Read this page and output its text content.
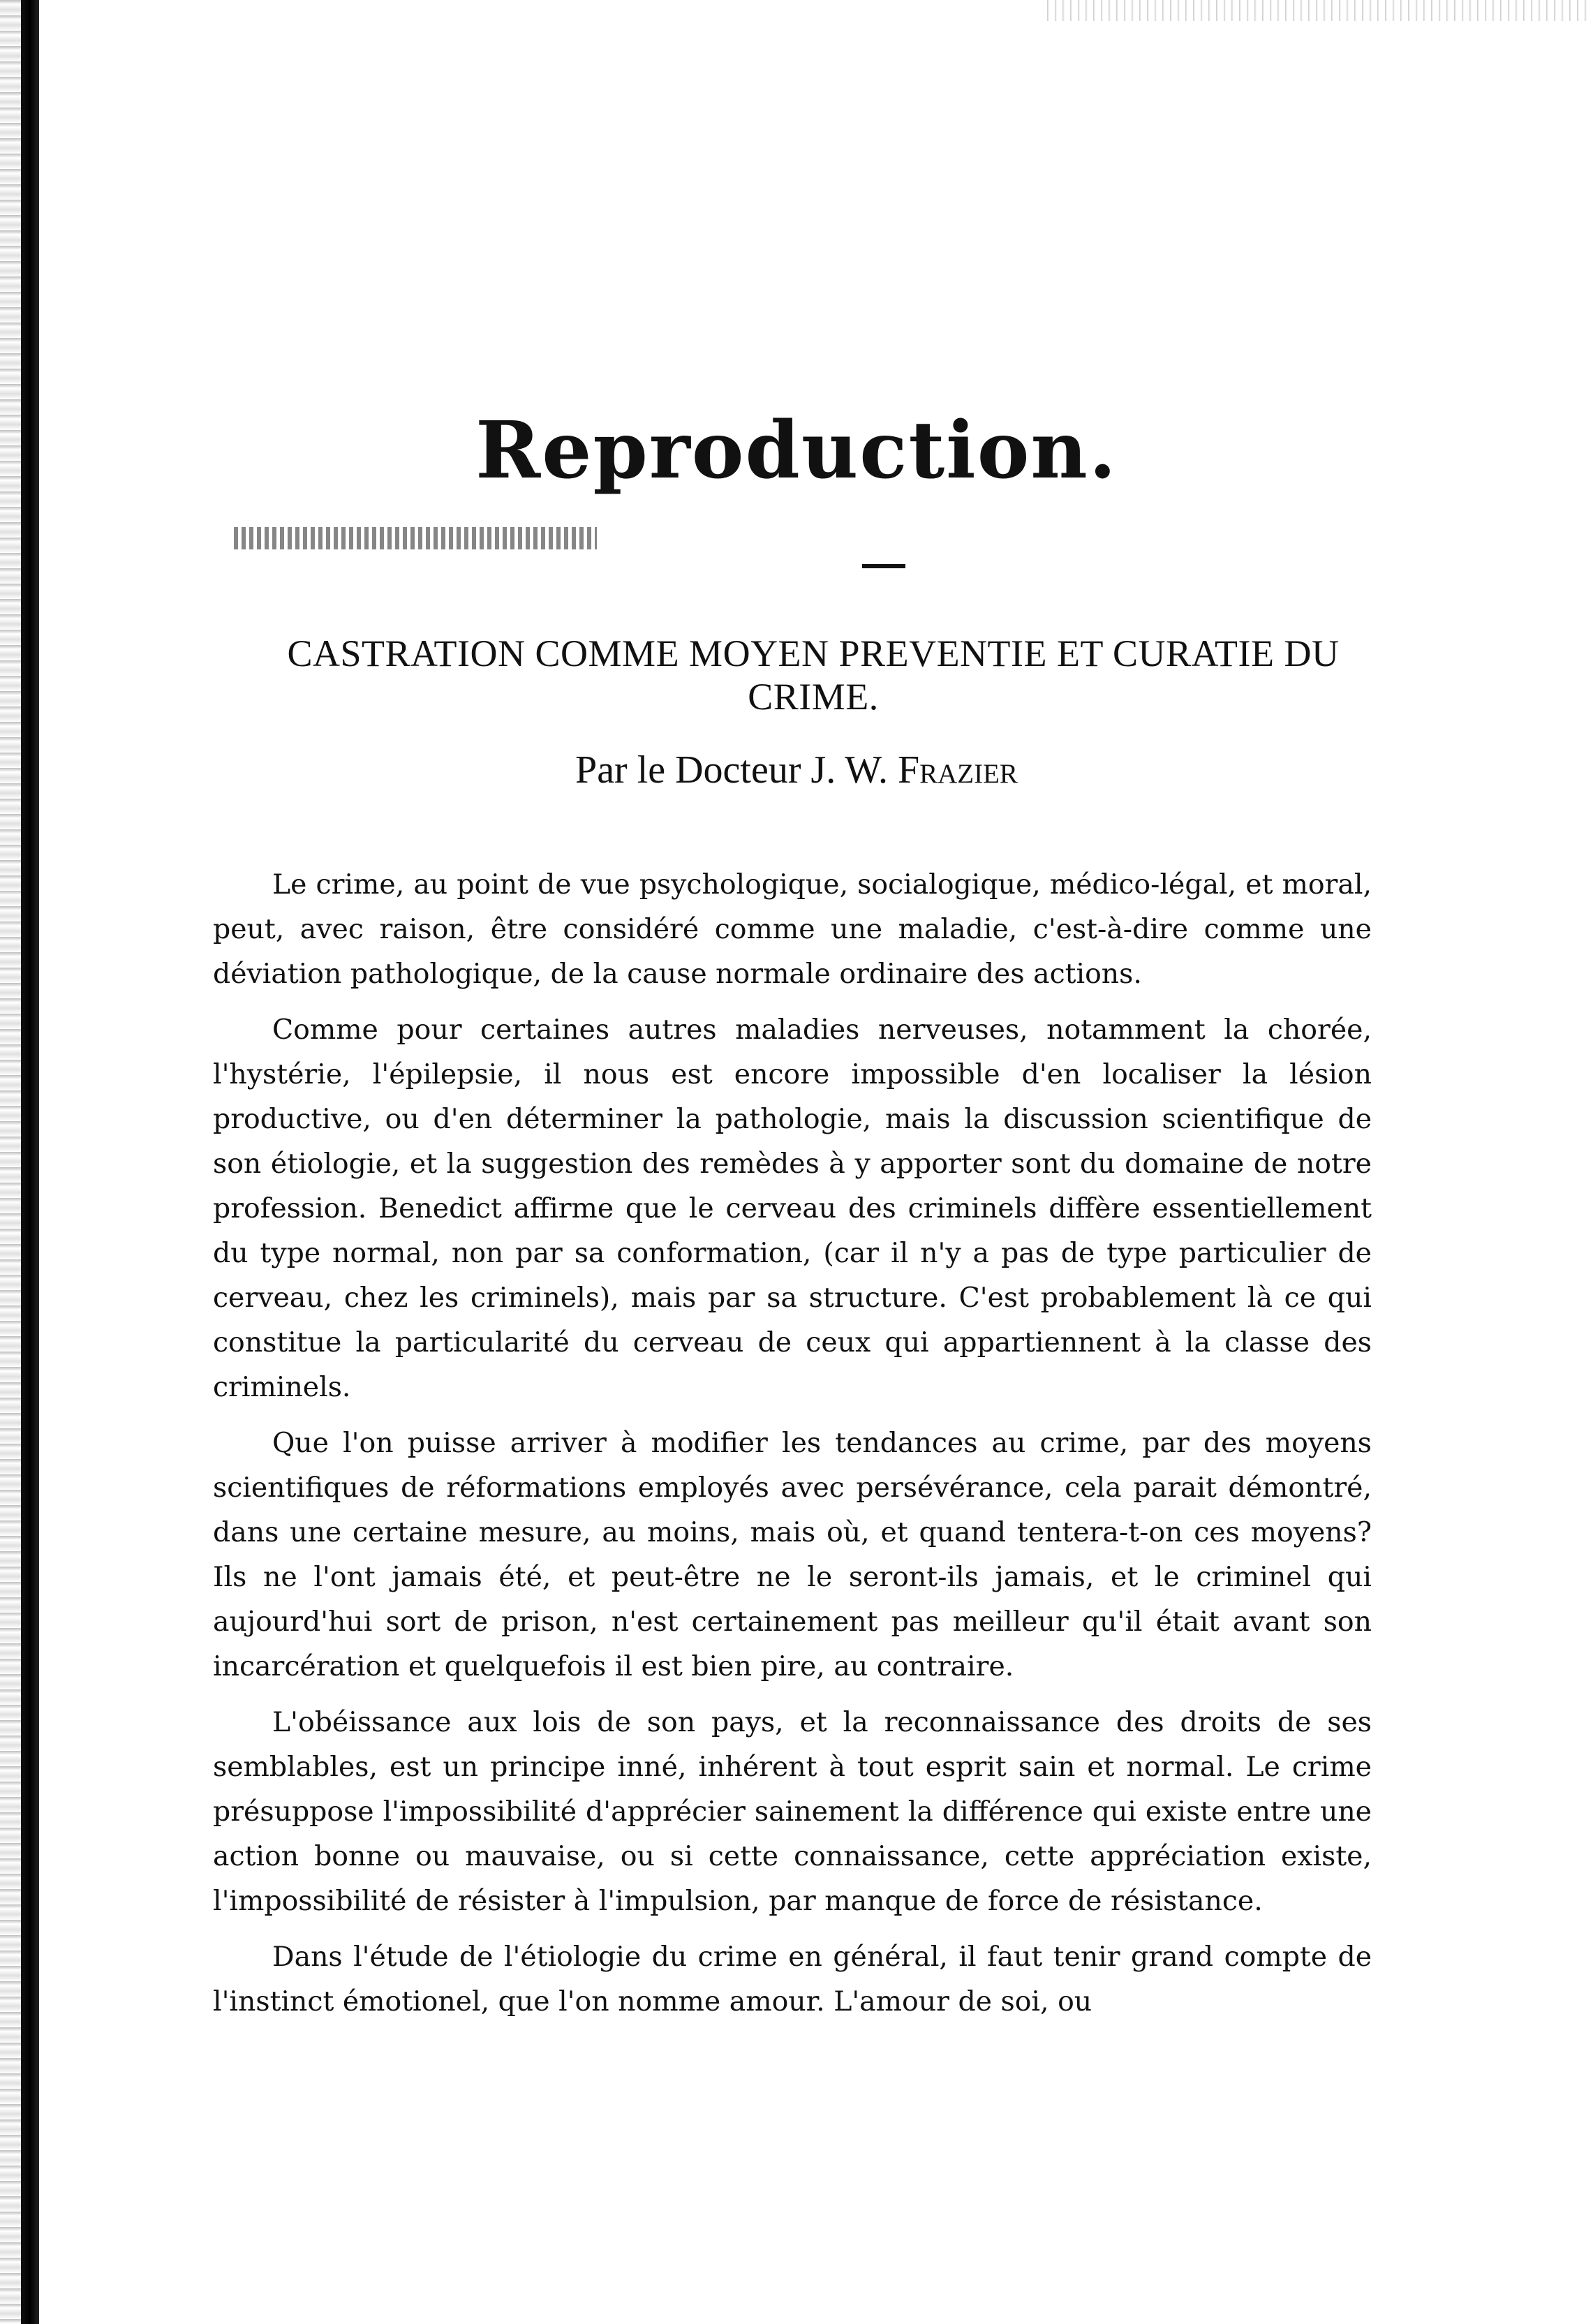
Reproduction.
CASTRATION COMME MOYEN PREVENTIE ET CURATIE DU CRIME.
Par le Docteur J. W. Frazier

Le crime, au point de vue psychologique, socialogique, médico-légal, et moral, peut, avec raison, être considéré comme une maladie, c'est-à-dire comme une déviation pathologique, de la cause normale ordinaire des actions.

Comme pour certaines autres maladies nerveuses, notamment la chorée, l'hystérie, l'épilepsie, il nous est encore impossible d'en localiser la lésion productive, ou d'en déterminer la pathologie, mais la discussion scientifique de son étiologie, et la suggestion des remèdes à y apporter sont du domaine de notre profession. Benedict affirme que le cerveau des criminels diffère essentiellement du type normal, non par sa conformation, (car il n'y a pas de type particulier de cerveau, chez les criminels), mais par sa structure. C'est probablement là ce qui constitue la particularité du cerveau de ceux qui appartiennent à la classe des criminels.

Que l'on puisse arriver à modifier les tendances au crime, par des moyens scientifiques de réformations employés avec persévérance, cela parait démontré, dans une certaine mesure, au moins, mais où, et quand tentera-t-on ces moyens? Ils ne l'ont jamais été, et peut-être ne le seront-ils jamais, et le criminel qui aujourd'hui sort de prison, n'est certainement pas meilleur qu'il était avant son incarcération et quelquefois il est bien pire, au contraire.

L'obéissance aux lois de son pays, et la reconnaissance des droits de ses semblables, est un principe inné, inhérent à tout esprit sain et normal. Le crime présuppose l'impossibilité d'apprécier sainement la différence qui existe entre une action bonne ou mauvaise, ou si cette connaissance, cette appréciation existe, l'impossibilité de résister à l'impulsion, par manque de force de résistance.

Dans l'étude de l'étiologie du crime en général, il faut tenir grand compte de l'instinct émotionel, que l'on nomme amour. L'amour de soi, ou
